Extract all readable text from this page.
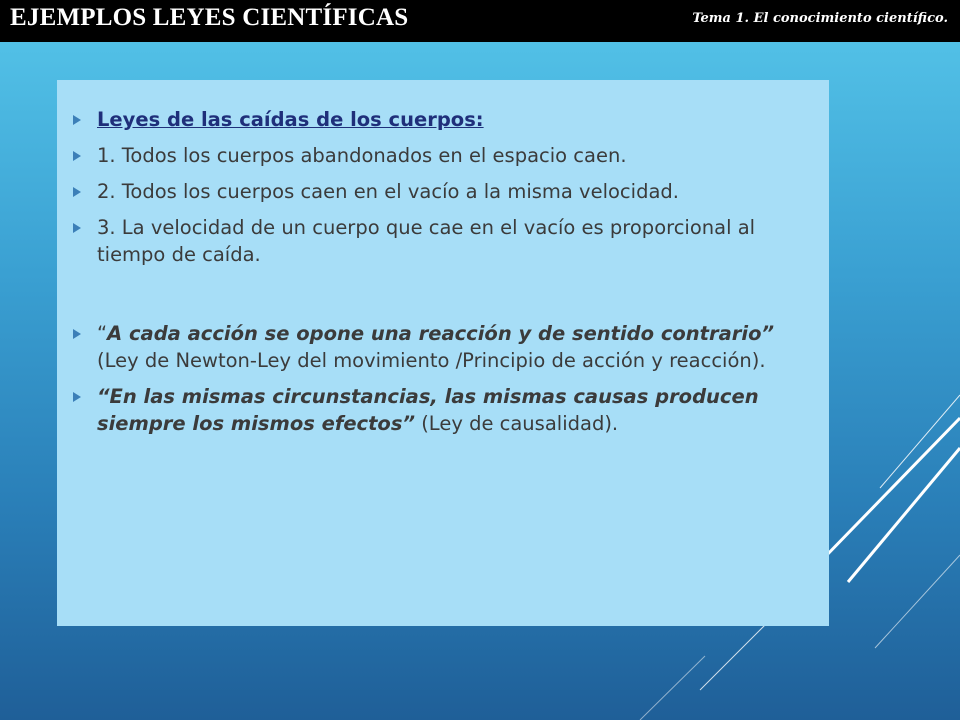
EJEMPLOS LEYES CIENTÍFICAS	Tema 1. El conocimiento científico.
Leyes de las caídas de los cuerpos:
1. Todos los cuerpos abandonados en el espacio caen.
2. Todos los cuerpos caen en el vacío a la misma velocidad.
3. La velocidad de un cuerpo que cae en el vacío es proporcional al tiempo de caída.
“A cada acción se opone una reacción y de sentido contrario” (Ley de Newton-Ley del movimiento /Principio de acción y reacción).
“En las mismas circunstancias, las mismas causas producen siempre los mismos efectos” (Ley de causalidad).
